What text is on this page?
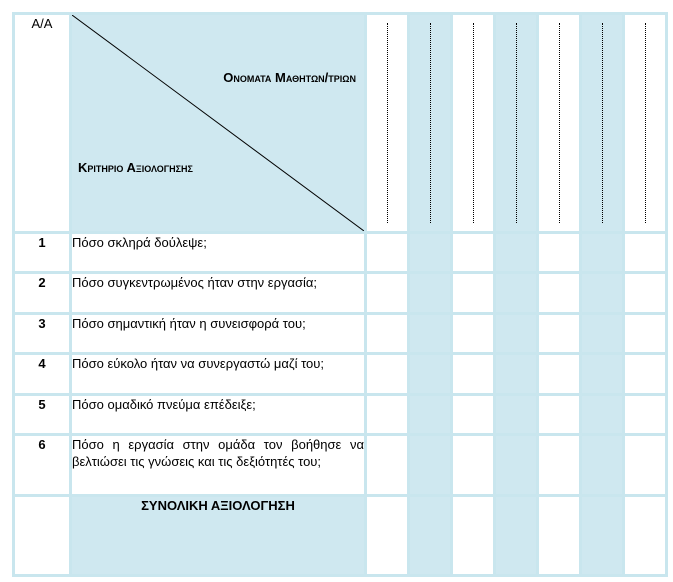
Α/Α	Ονοματα Μαθητων/τριων
Κριτηριο Αξιολογησης							

1	Πόσο σκληρά δούλεψε;							
2	Πόσο συγκεντρωμένος ήταν στην εργασία;							
3	Πόσο σημαντική ήταν η συνεισφορά του;							
4	Πόσο εύκολο ήταν να συνεργαστώ μαζί του;							
5	Πόσο ομαδικό πνεύμα επέδειξε;							
6	Πόσο η εργασία στην ομάδα τον βοήθησε να βελτιώσει τις γνώσεις και τις δεξιότητές του;							
	ΣΥΝΟΛΙΚΗ ΑΞΙΟΛΟΓΗΣΗ							
